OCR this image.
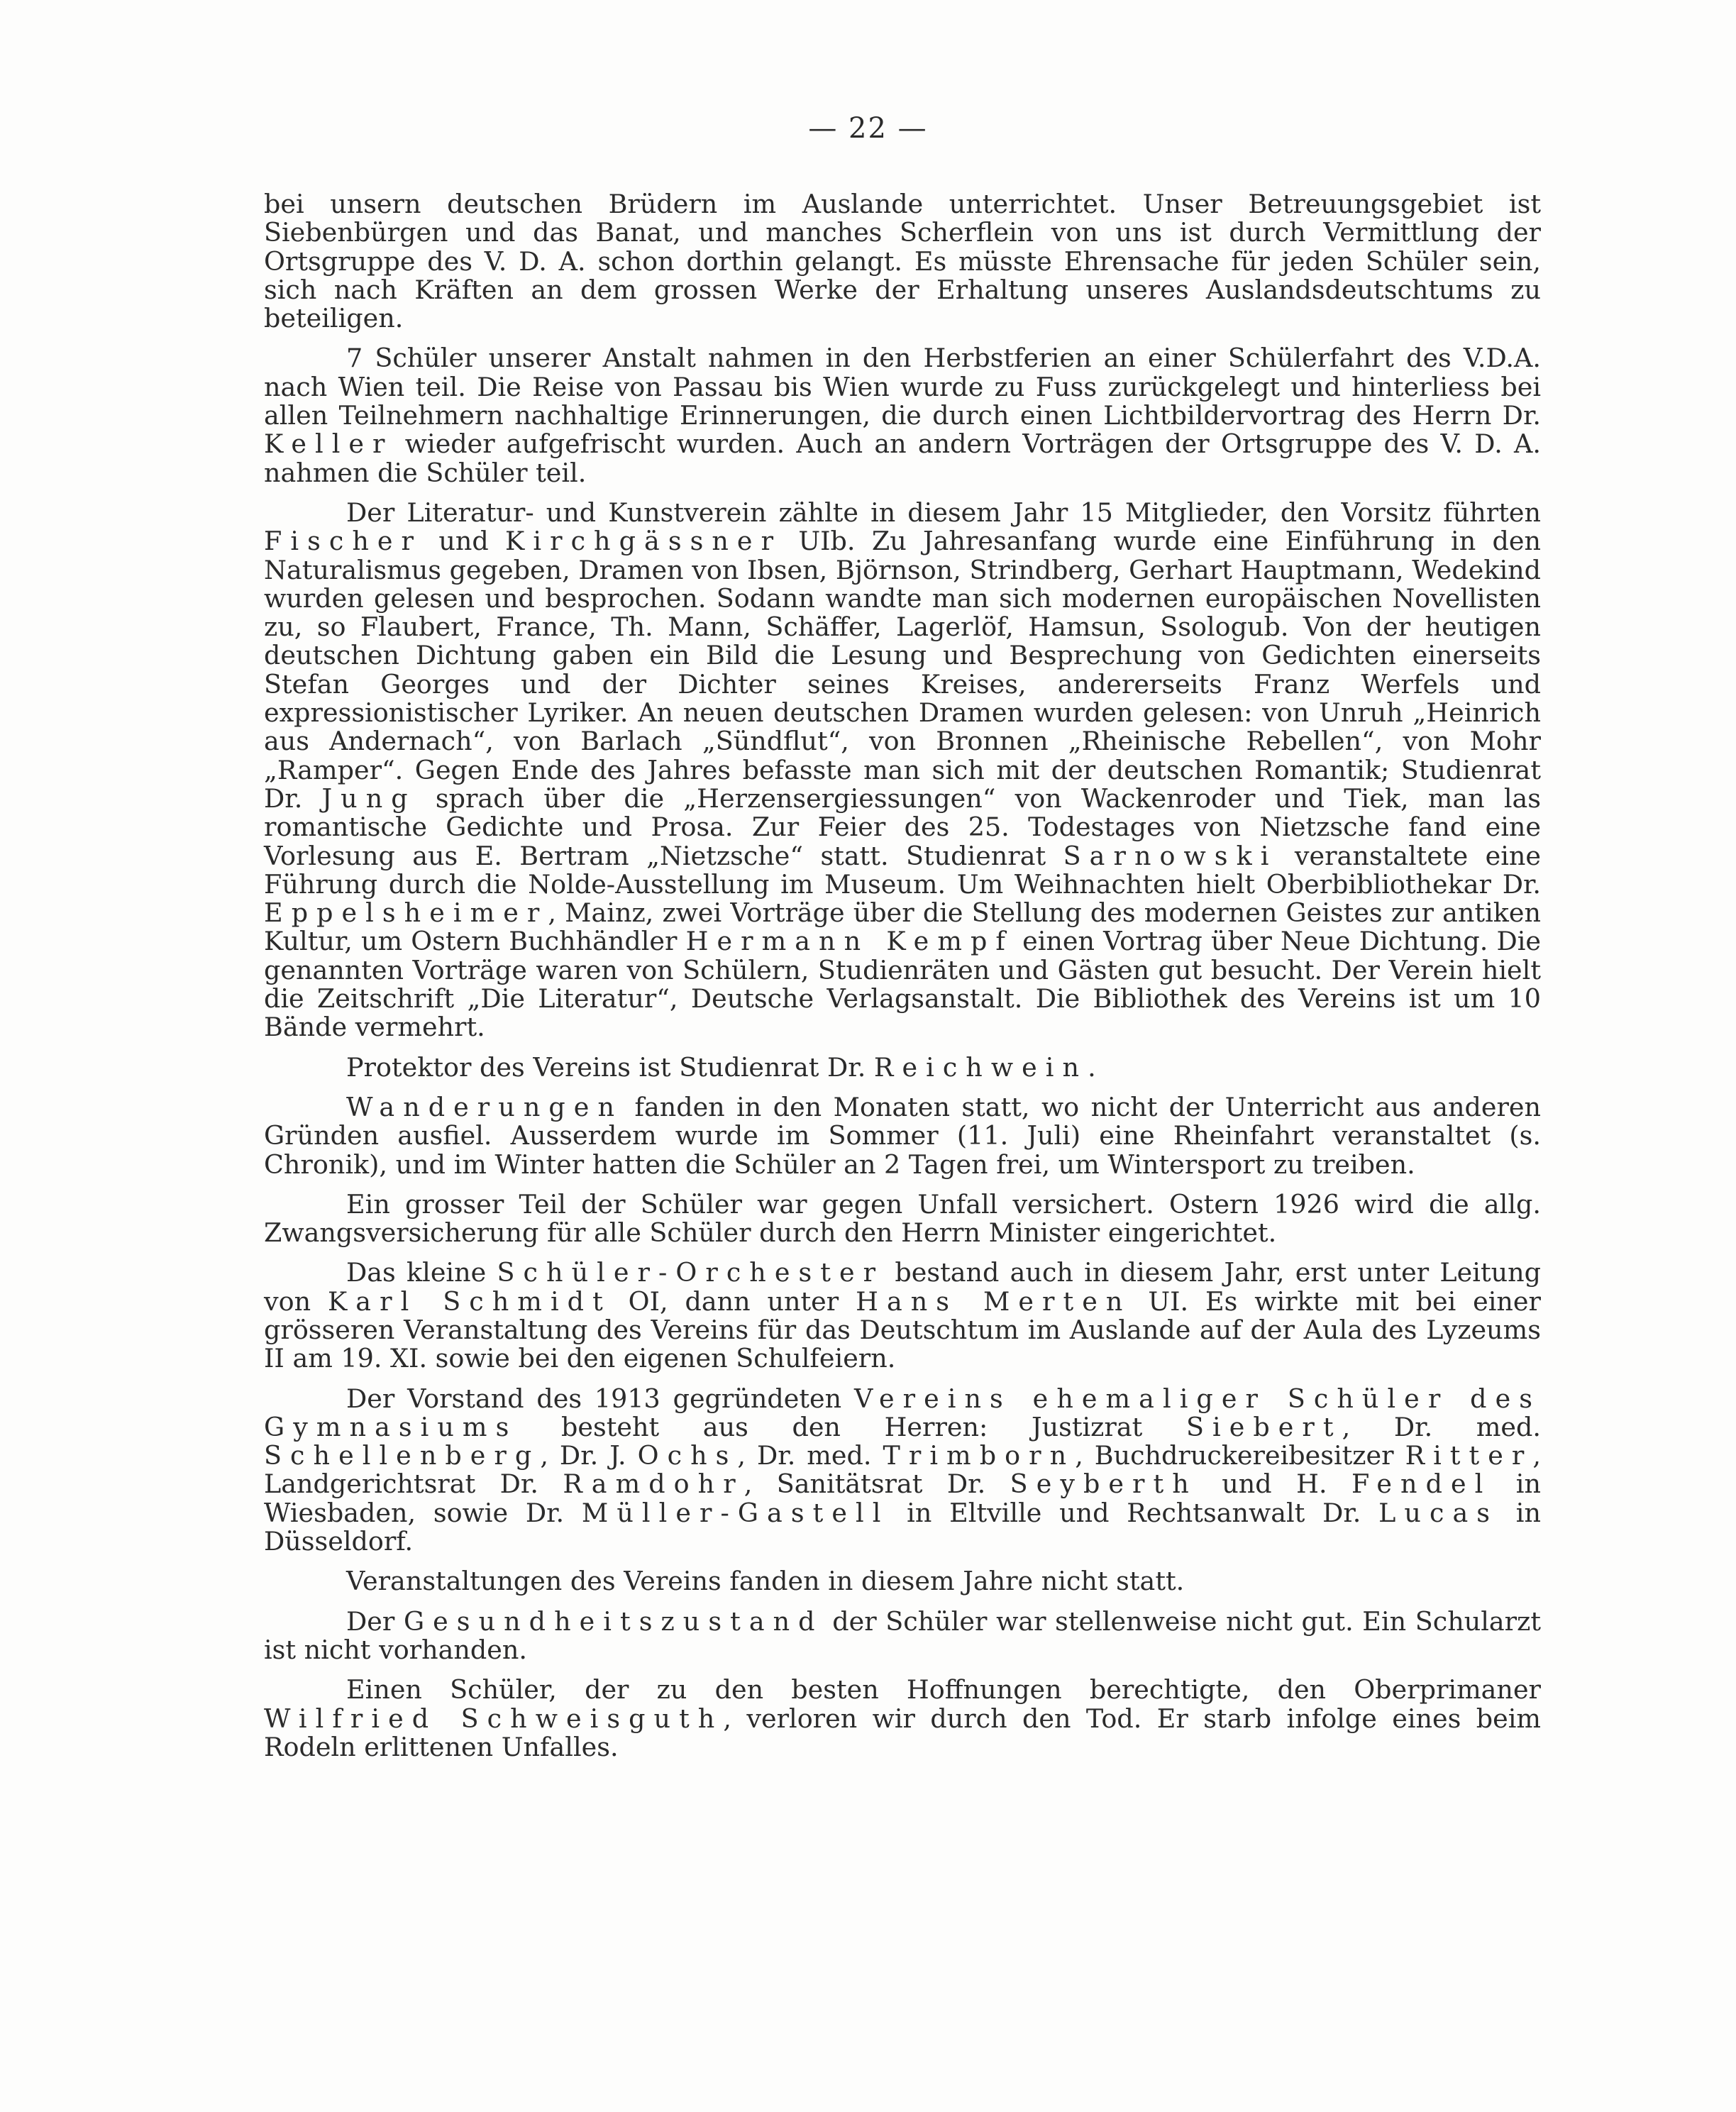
— 22 —

bei unsern deutschen Brüdern im Auslande unterrichtet. Unser Betreuungsgebiet ist Siebenbürgen und das Banat, und manches Scherflein von uns ist durch Vermittlung der Ortsgruppe des V. D. A. schon dorthin gelangt. Es müsste Ehrensache für jeden Schüler sein, sich nach Kräften an dem grossen Werke der Erhaltung unseres Auslandsdeutschtums zu beteiligen.

7 Schüler unserer Anstalt nahmen in den Herbstferien an einer Schülerfahrt des V.D.A. nach Wien teil. Die Reise von Passau bis Wien wurde zu Fuss zurückgelegt und hinterliess bei allen Teilnehmern nachhaltige Erinnerungen, die durch einen Lichtbildervortrag des Herrn Dr. Keller wieder aufgefrischt wurden. Auch an andern Vorträgen der Ortsgruppe des V. D. A. nahmen die Schüler teil.

Der Literatur- und Kunstverein zählte in diesem Jahr 15 Mitglieder, den Vorsitz führten Fischer und Kirchgässner UIb. Zu Jahresanfang wurde eine Einführung in den Naturalismus gegeben, Dramen von Ibsen, Björnson, Strindberg, Gerhart Hauptmann, Wedekind wurden gelesen und besprochen. Sodann wandte man sich modernen europäischen Novellisten zu, so Flaubert, France, Th. Mann, Schäffer, Lagerlöf, Hamsun, Ssologub. Von der heutigen deutschen Dichtung gaben ein Bild die Lesung und Besprechung von Gedichten einerseits Stefan Georges und der Dichter seines Kreises, andererseits Franz Werfels und expressionistischer Lyriker. An neuen deutschen Dramen wurden gelesen: von Unruh „Heinrich aus Andernach“, von Barlach „Sündflut“, von Bronnen „Rheinische Rebellen“, von Mohr „Ramper“. Gegen Ende des Jahres befasste man sich mit der deutschen Romantik; Studienrat Dr. Jung sprach über die „Herzensergiessungen“ von Wackenroder und Tiek, man las romantische Gedichte und Prosa. Zur Feier des 25. Todestages von Nietzsche fand eine Vorlesung aus E. Bertram „Nietzsche“ statt. Studienrat Sarnowski veranstaltete eine Führung durch die Nolde-Ausstellung im Museum. Um Weihnachten hielt Oberbibliothekar Dr. Eppelsheimer, Mainz, zwei Vorträge über die Stellung des modernen Geistes zur antiken Kultur, um Ostern Buchhändler Hermann Kempf einen Vortrag über Neue Dichtung. Die genannten Vorträge waren von Schülern, Studienräten und Gästen gut besucht. Der Verein hielt die Zeitschrift „Die Literatur“, Deutsche Verlagsanstalt. Die Bibliothek des Vereins ist um 10 Bände vermehrt.

Protektor des Vereins ist Studienrat Dr. Reichwein.

Wanderungen fanden in den Monaten statt, wo nicht der Unterricht aus anderen Gründen ausfiel. Ausserdem wurde im Sommer (11. Juli) eine Rheinfahrt veranstaltet (s. Chronik), und im Winter hatten die Schüler an 2 Tagen frei, um Wintersport zu treiben.

Ein grosser Teil der Schüler war gegen Unfall versichert. Ostern 1926 wird die allg. Zwangsversicherung für alle Schüler durch den Herrn Minister eingerichtet.

Das kleine Schüler-Orchester bestand auch in diesem Jahr, erst unter Leitung von Karl Schmidt OI, dann unter Hans Merten UI. Es wirkte mit bei einer grösseren Veranstaltung des Vereins für das Deutschtum im Auslande auf der Aula des Lyzeums II am 19. XI. sowie bei den eigenen Schulfeiern.

Der Vorstand des 1913 gegründeten Vereins ehemaliger Schüler des Gymnasiums besteht aus den Herren: Justizrat Siebert, Dr. med. Schellenberg, Dr. J. Ochs, Dr. med. Trimborn, Buchdruckereibesitzer Ritter, Landgerichtsrat Dr. Ramdohr, Sanitätsrat Dr. Seyberth und H. Fendel in Wiesbaden, sowie Dr. Müller-Gastell in Eltville und Rechtsanwalt Dr. Lucas in Düsseldorf.

Veranstaltungen des Vereins fanden in diesem Jahre nicht statt.

Der Gesundheitszustand der Schüler war stellenweise nicht gut. Ein Schularzt ist nicht vorhanden.

Einen Schüler, der zu den besten Hoffnungen berechtigte, den Oberprimaner Wilfried Schweisguth, verloren wir durch den Tod. Er starb infolge eines beim Rodeln erlittenen Unfalles.
